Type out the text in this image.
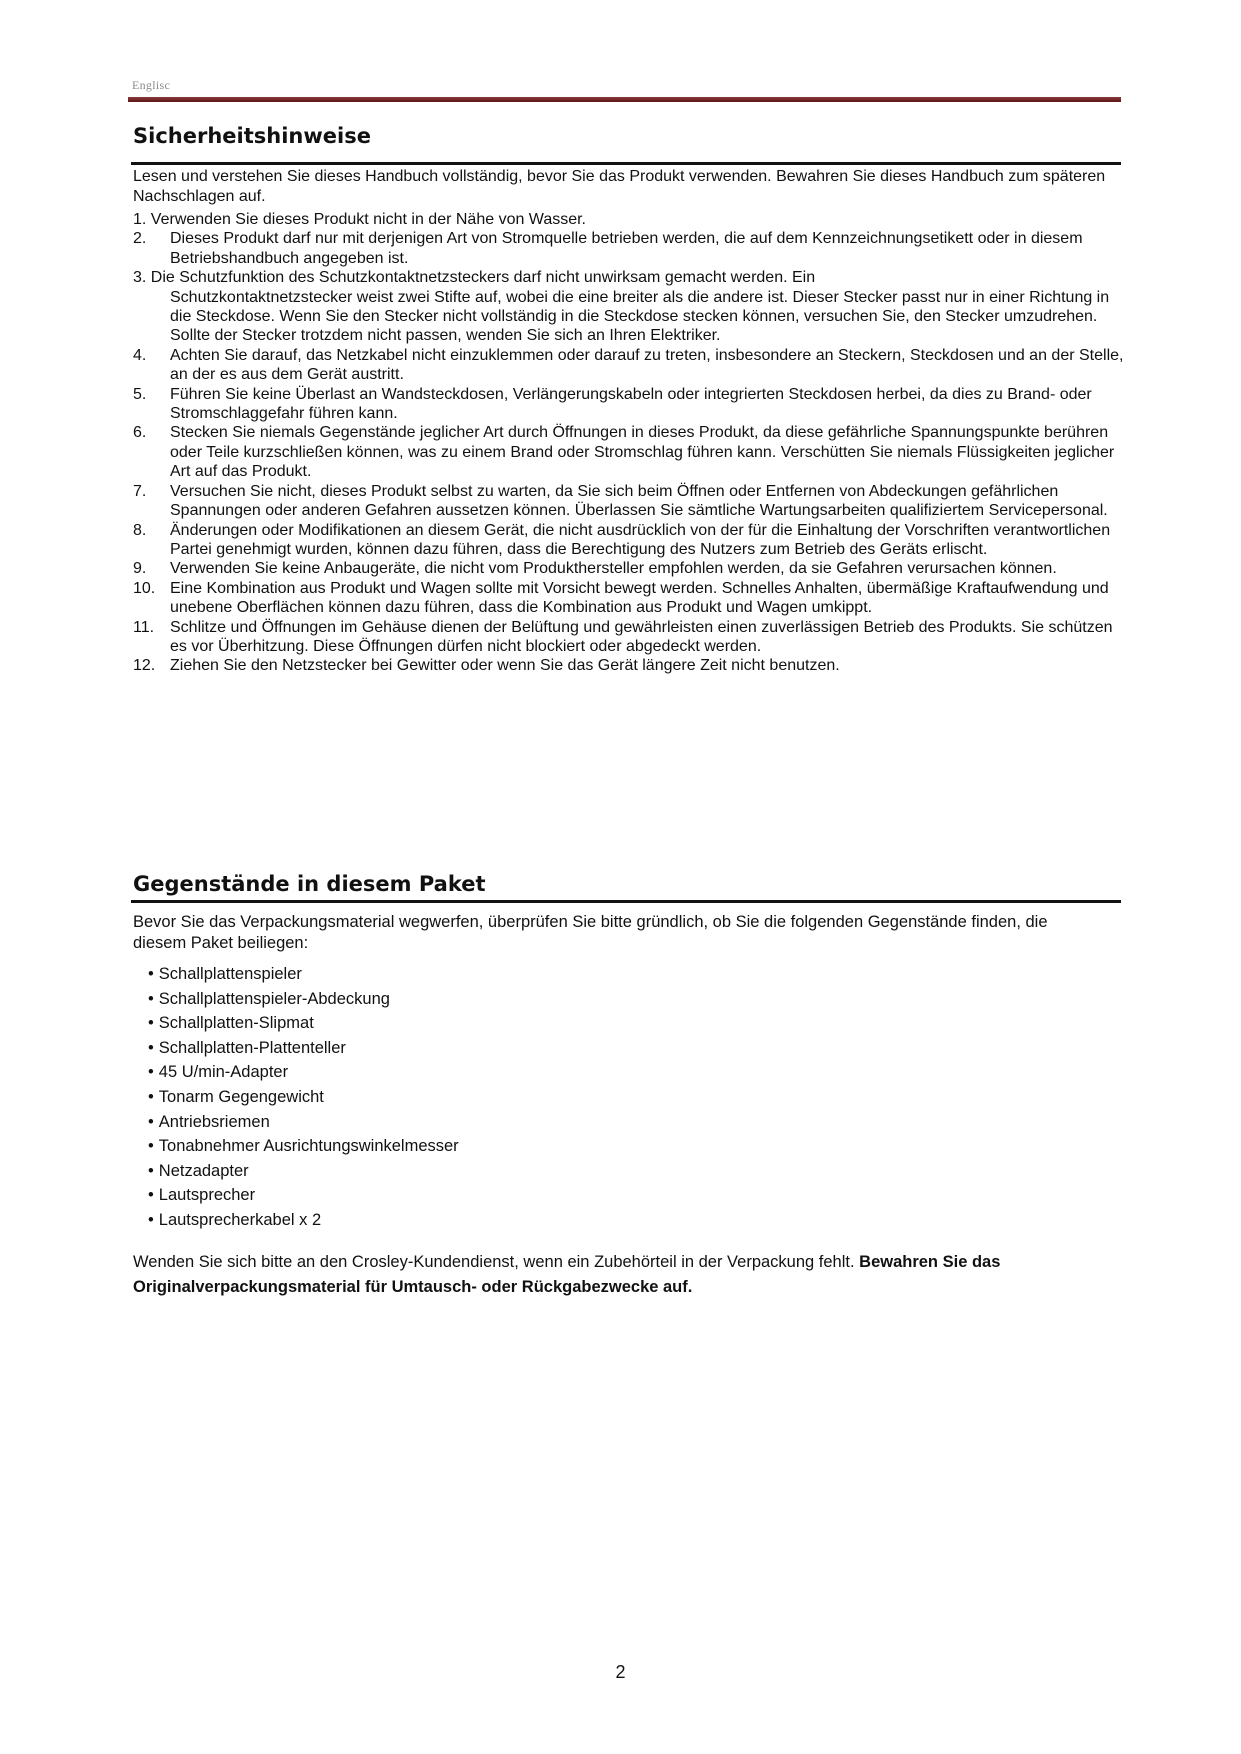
Englisc
Sicherheitshinweise

Lesen und verstehen Sie dieses Handbuch vollständig, bevor Sie das Produkt verwenden. Bewahren Sie dieses Handbuch zum späteren Nachschlagen auf.

1. Verwenden Sie dieses Produkt nicht in der Nähe von Wasser.
2. Dieses Produkt darf nur mit derjenigen Art von Stromquelle betrieben werden, die auf dem Kennzeichnungsetikett oder in diesem Betriebshandbuch angegeben ist.
3. Die Schutzfunktion des Schutzkontaktnetzsteckers darf nicht unwirksam gemacht werden. Ein
Schutzkontaktnetzstecker weist zwei Stifte auf, wobei die eine breiter als die andere ist. Dieser Stecker passt nur in einer Richtung in die Steckdose. Wenn Sie den Stecker nicht vollständig in die Steckdose stecken können, versuchen Sie, den Stecker umzudrehen. Sollte der Stecker trotzdem nicht passen, wenden Sie sich an Ihren Elektriker.
4. Achten Sie darauf, das Netzkabel nicht einzuklemmen oder darauf zu treten, insbesondere an Steckern, Steckdosen und an der Stelle, an der es aus dem Gerät austritt.
5. Führen Sie keine Überlast an Wandsteckdosen, Verlängerungskabeln oder integrierten Steckdosen herbei, da dies zu Brand- oder Stromschlaggefahr führen kann.
6. Stecken Sie niemals Gegenstände jeglicher Art durch Öffnungen in dieses Produkt, da diese gefährliche Spannungspunkte berühren oder Teile kurzschließen können, was zu einem Brand oder Stromschlag führen kann. Verschütten Sie niemals Flüssigkeiten jeglicher Art auf das Produkt.
7. Versuchen Sie nicht, dieses Produkt selbst zu warten, da Sie sich beim Öffnen oder Entfernen von Abdeckungen gefährlichen Spannungen oder anderen Gefahren aussetzen können. Überlassen Sie sämtliche Wartungsarbeiten qualifiziertem Servicepersonal.
8. Änderungen oder Modifikationen an diesem Gerät, die nicht ausdrücklich von der für die Einhaltung der Vorschriften verantwortlichen Partei genehmigt wurden, können dazu führen, dass die Berechtigung des Nutzers zum Betrieb des Geräts erlischt.
9. Verwenden Sie keine Anbaugeräte, die nicht vom Produkthersteller empfohlen werden, da sie Gefahren verursachen können.
10. Eine Kombination aus Produkt und Wagen sollte mit Vorsicht bewegt werden. Schnelles Anhalten, übermäßige Kraftaufwendung und unebene Oberflächen können dazu führen, dass die Kombination aus Produkt und Wagen umkippt.
11. Schlitze und Öffnungen im Gehäuse dienen der Belüftung und gewährleisten einen zuverlässigen Betrieb des Produkts. Sie schützen es vor Überhitzung. Diese Öffnungen dürfen nicht blockiert oder abgedeckt werden.
12. Ziehen Sie den Netzstecker bei Gewitter oder wenn Sie das Gerät längere Zeit nicht benutzen.
Gegenstände in diesem Paket

Bevor Sie das Verpackungsmaterial wegwerfen, überprüfen Sie bitte gründlich, ob Sie die folgenden Gegenstände finden, die diesem Paket beiliegen:

• Schallplattenspieler
• Schallplattenspieler-Abdeckung
• Schallplatten-Slipmat
• Schallplatten-Plattenteller
• 45 U/min-Adapter
• Tonarm Gegengewicht
• Antriebsriemen
• Tonabnehmer Ausrichtungswinkelmesser
• Netzadapter
• Lautsprecher
• Lautsprecherkabel x 2

Wenden Sie sich bitte an den Crosley-Kundendienst, wenn ein Zubehörteil in der Verpackung fehlt. Bewahren Sie das Originalverpackungsmaterial für Umtausch- oder Rückgabezwecke auf.

2
